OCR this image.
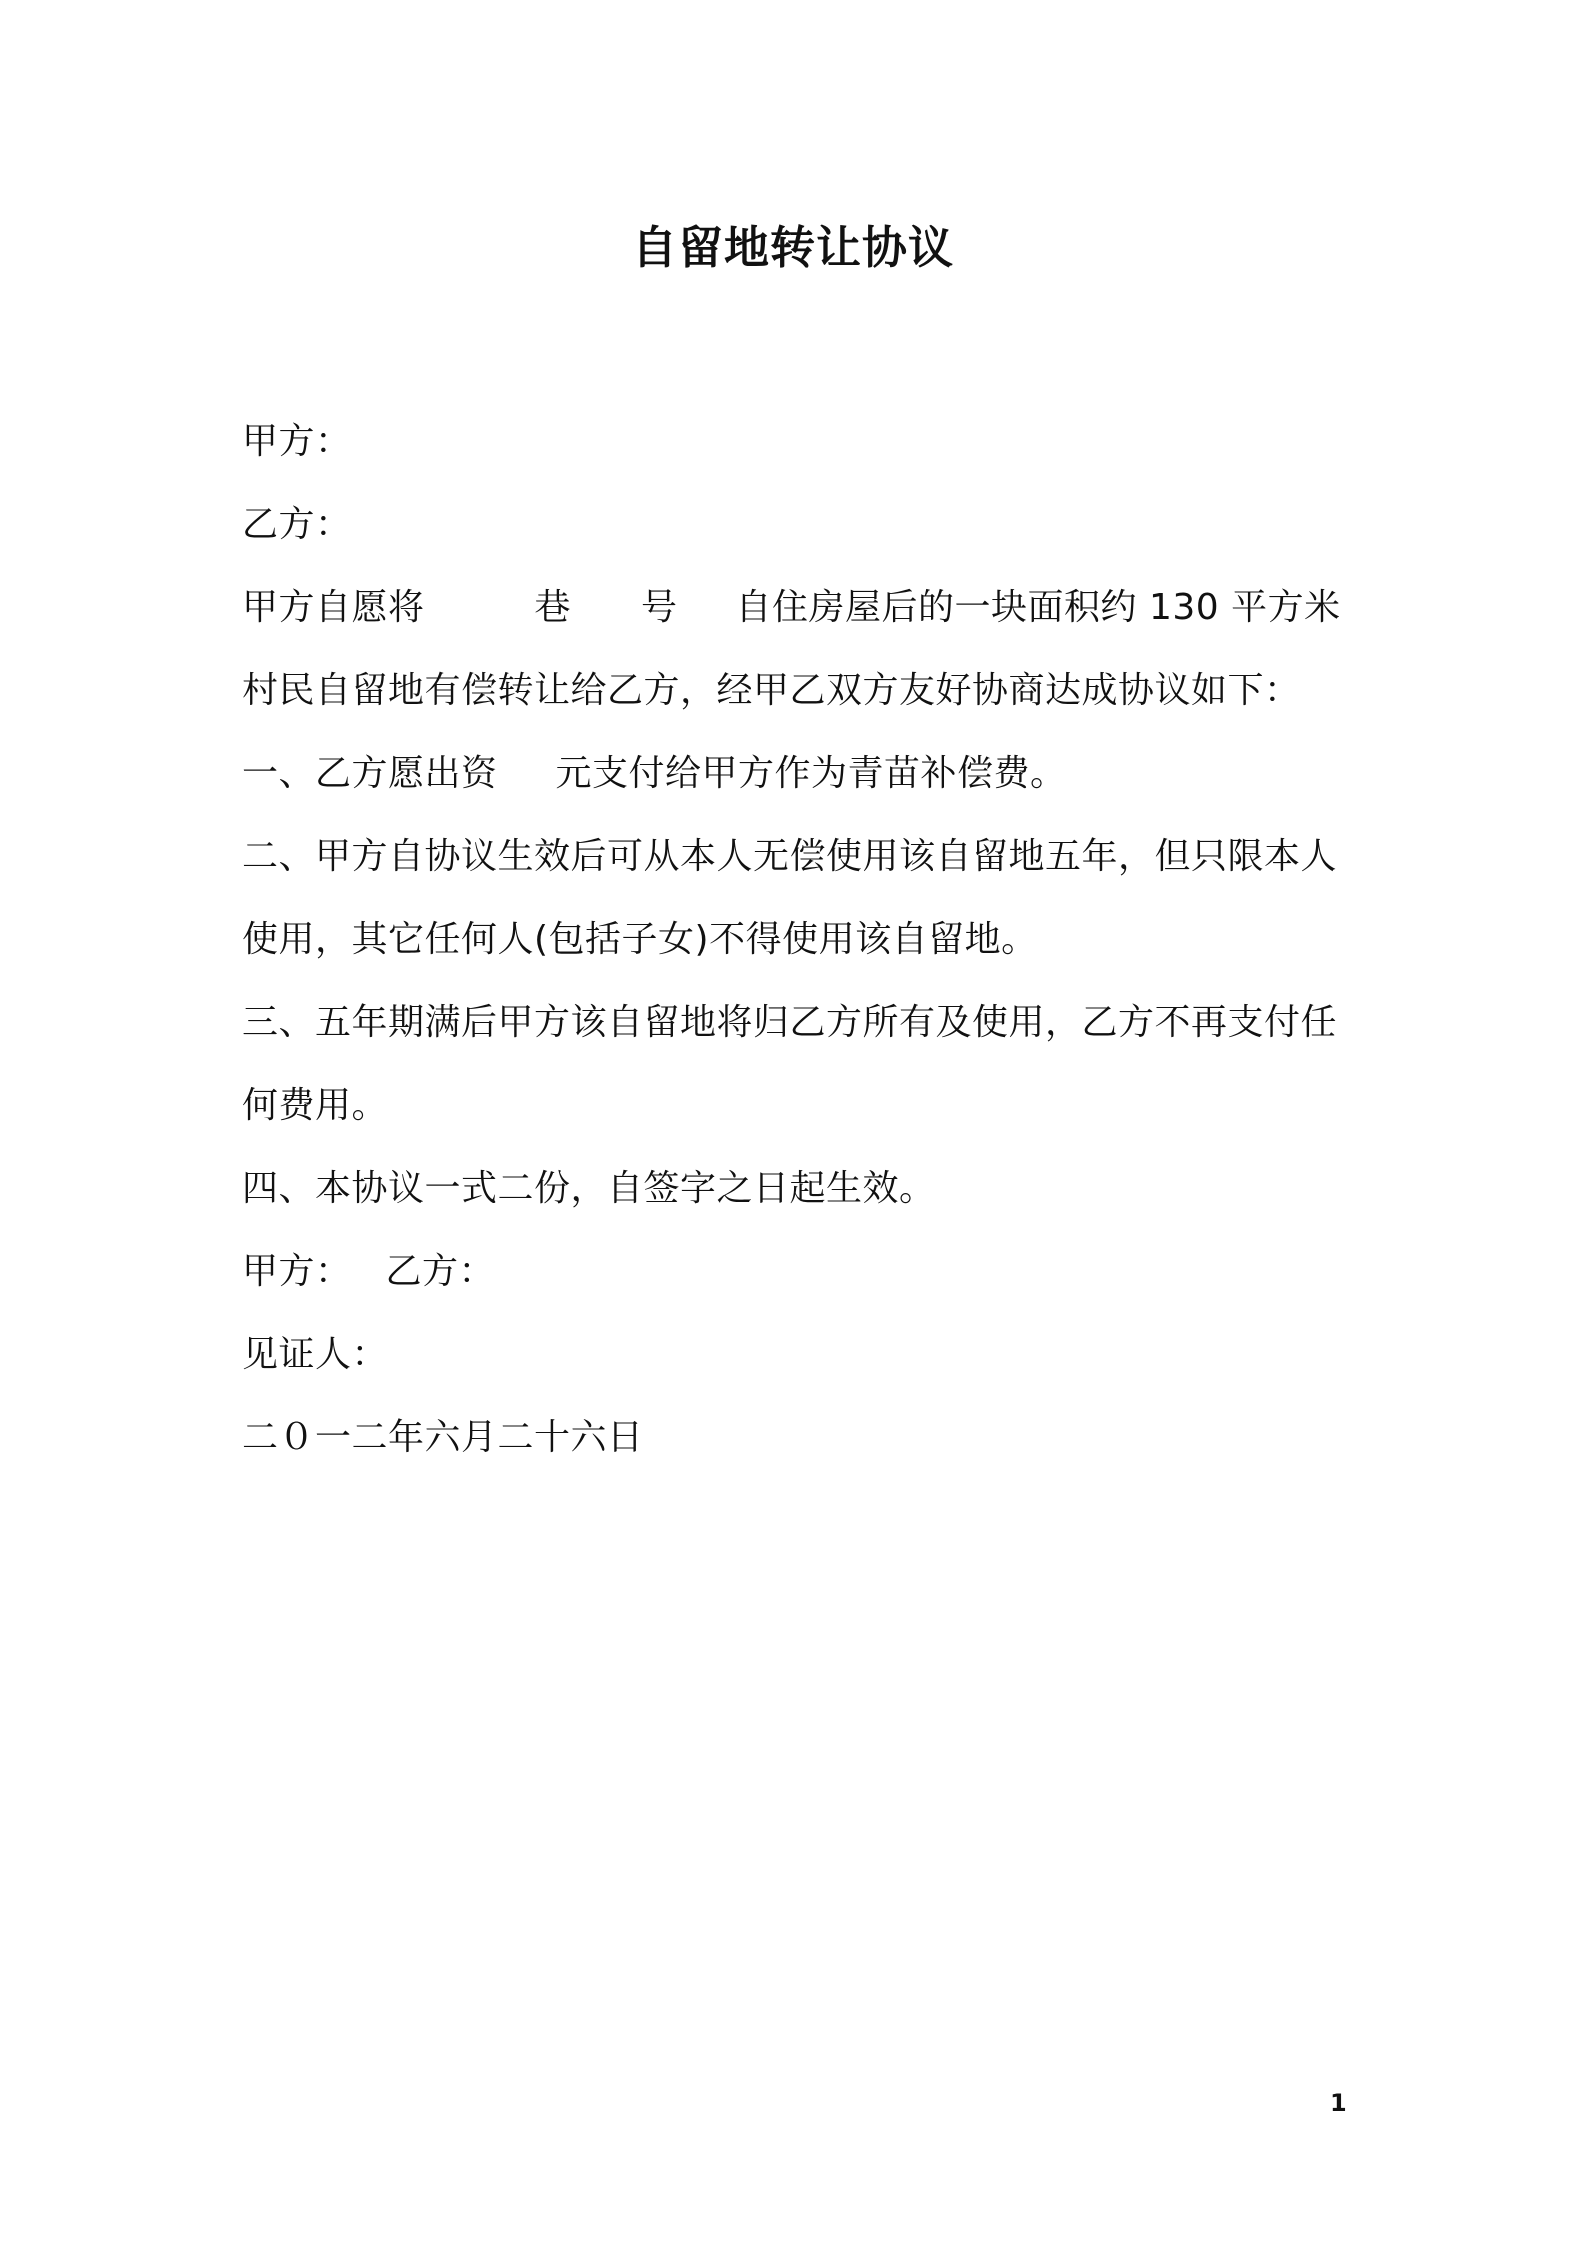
自留地转让协议
甲方：
乙方：
甲方自愿将	巷 号 自住房屋后的一块面积约 130 平方米
村民自留地有偿转让给乙方，经甲乙双方友好协商达成协议如下：
一、乙方愿出资 元支付给甲方作为青苗补偿费。
二、甲方自协议生效后可从本人无偿使用该自留地五年，但只限本人
使用，其它任何人(包括子女)不得使用该自留地。
三、五年期满后甲方该自留地将归乙方所有及使用，乙方不再支付任
何费用。
四、本协议一式二份，自签字之日起生效。
甲方： 乙方：
见证人：
二０一二年六月二十六日
1
